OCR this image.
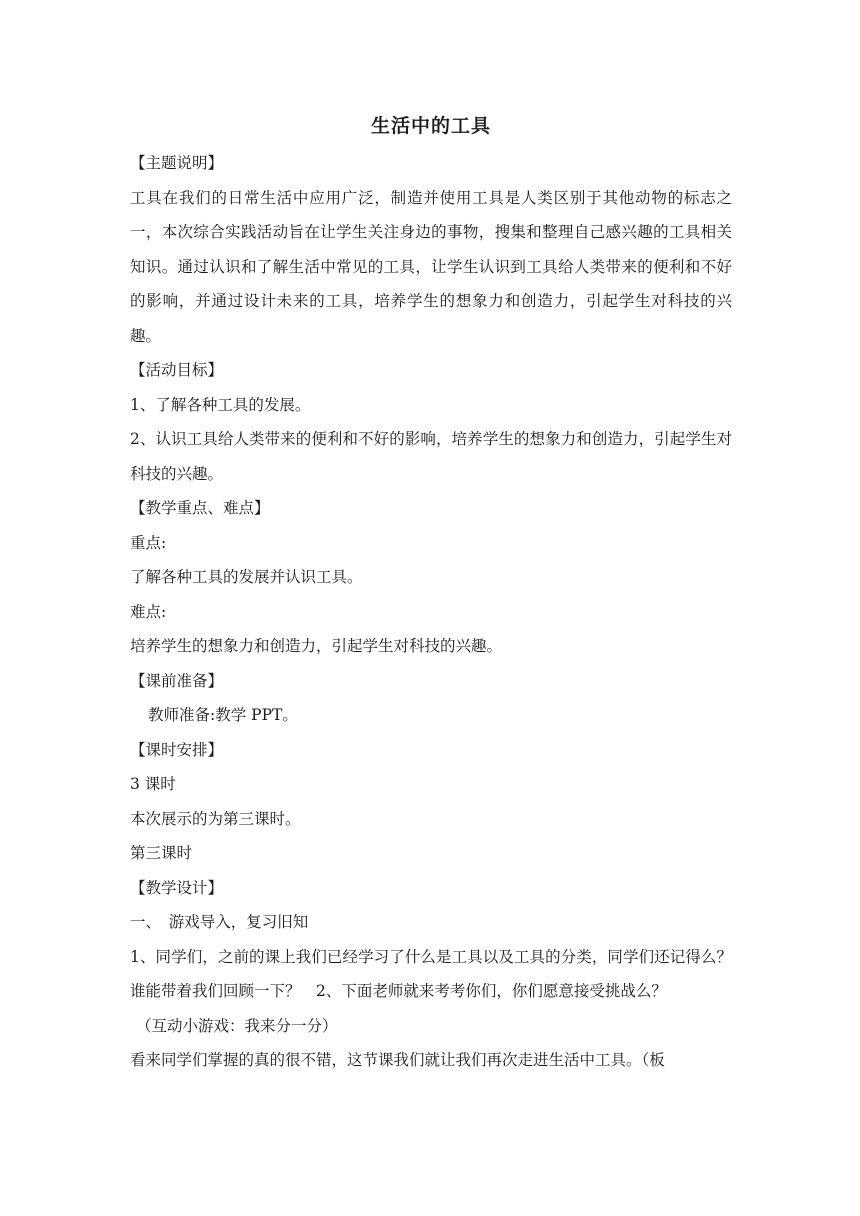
生活中的工具

【主题说明】

工具在我们的日常生活中应用广泛，制造并使用工具是人类区别于其他动物的标志之一，本次综合实践活动旨在让学生关注身边的事物，搜集和整理自己感兴趣的工具相关知识。通过认识和了解生活中常见的工具，让学生认识到工具给人类带来的便利和不好的影响，并通过设计未来的工具，培养学生的想象力和创造力，引起学生对科技的兴趣。

【活动目标】

1、了解各种工具的发展。

2、认识工具给人类带来的便利和不好的影响，培养学生的想象力和创造力，引起学生对科技的兴趣。

【教学重点、难点】

重点:

了解各种工具的发展并认识工具。

难点:

培养学生的想象力和创造力，引起学生对科技的兴趣。

【课前准备】

教师准备:教学 PPT。

【课时安排】

3 课时

本次展示的为第三课时。

第三课时

【教学设计】

一、　游戏导入，复习旧知

1、同学们，之前的课上我们已经学习了什么是工具以及工具的分类，同学们还记得么？谁能带着我们回顾一下？　2、下面老师就来考考你们，你们愿意接受挑战么？

（互动小游戏：我来分一分）

看来同学们掌握的真的很不错，这节课我们就让我们再次走进生活中工具。（板
